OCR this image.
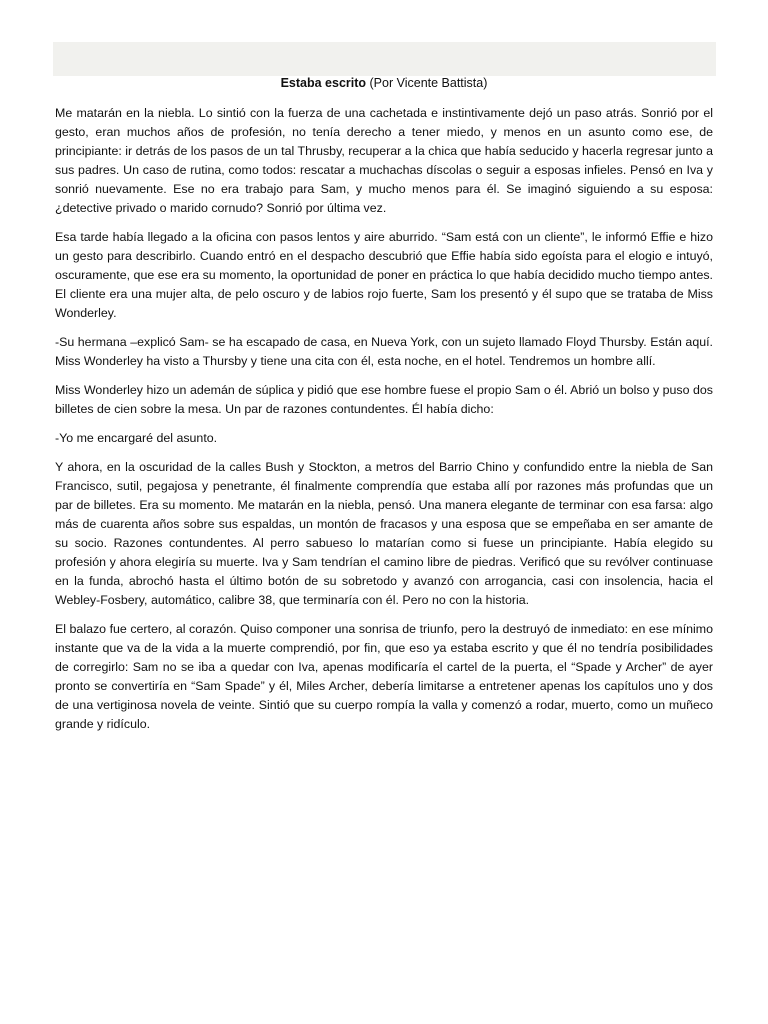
Estaba escrito (Por Vicente Battista)

Me matarán en la niebla. Lo sintió con la fuerza de una cachetada e instintivamente dejó un paso atrás. Sonrió por el gesto, eran muchos años de profesión, no tenía derecho a tener miedo, y menos en un asunto como ese, de principiante: ir detrás de los pasos de un tal Thrusby, recuperar a la chica que había seducido y hacerla regresar junto a sus padres. Un caso de rutina, como todos: rescatar a muchachas díscolas o seguir a esposas infieles. Pensó en Iva y sonrió nuevamente. Ese no era trabajo para Sam, y mucho menos para él. Se imaginó siguiendo a su esposa: ¿detective privado o marido cornudo? Sonrió por última vez.

Esa tarde había llegado a la oficina con pasos lentos y aire aburrido. “Sam está con un cliente”, le informó Effie e hizo un gesto para describirlo. Cuando entró en el despacho descubrió que Effie había sido egoísta para el elogio e intuyó, oscuramente, que ese era su momento, la oportunidad de poner en práctica lo que había decidido mucho tiempo antes. El cliente era una mujer alta, de pelo oscuro y de labios rojo fuerte, Sam los presentó y él supo que se trataba de Miss Wonderley.

-Su hermana –explicó Sam- se ha escapado de casa, en Nueva York, con un sujeto llamado Floyd Thursby. Están aquí. Miss Wonderley ha visto a Thursby y tiene una cita con él, esta noche, en el hotel. Tendremos un hombre allí.

Miss Wonderley hizo un ademán de súplica y pidió que ese hombre fuese el propio Sam o él. Abrió un bolso y puso dos billetes de cien sobre la mesa. Un par de razones contundentes. Él había dicho:

-Yo me encargaré del asunto.

Y ahora, en la oscuridad de la calles Bush y Stockton, a metros del Barrio Chino y confundido entre la niebla de San Francisco, sutil, pegajosa y penetrante, él finalmente comprendía que estaba allí por razones más profundas que un par de billetes. Era su momento. Me matarán en la niebla, pensó. Una manera elegante de terminar con esa farsa: algo más de cuarenta años sobre sus espaldas, un montón de fracasos y una esposa que se empeñaba en ser amante de su socio. Razones contundentes. Al perro sabueso lo matarían como si fuese un principiante. Había elegido su profesión y ahora elegiría su muerte. Iva y Sam tendrían el camino libre de piedras. Verificó que su revólver continuase en la funda, abrochó hasta el último botón de su sobretodo y avanzó con arrogancia, casi con insolencia, hacia el Webley-Fosbery, automático, calibre 38, que terminaría con él. Pero no con la historia.

El balazo fue certero, al corazón. Quiso componer una sonrisa de triunfo, pero la destruyó de inmediato: en ese mínimo instante que va de la vida a la muerte comprendió, por fin, que eso ya estaba escrito y que él no tendría posibilidades de corregirlo: Sam no se iba a quedar con Iva, apenas modificaría el cartel de la puerta, el “Spade y Archer” de ayer pronto se convertiría en “Sam Spade” y él, Miles Archer, debería limitarse a entretener apenas los capítulos uno y dos de una vertiginosa novela de veinte. Sintió que su cuerpo rompía la valla y comenzó a rodar, muerto, como un muñeco grande y ridículo.
